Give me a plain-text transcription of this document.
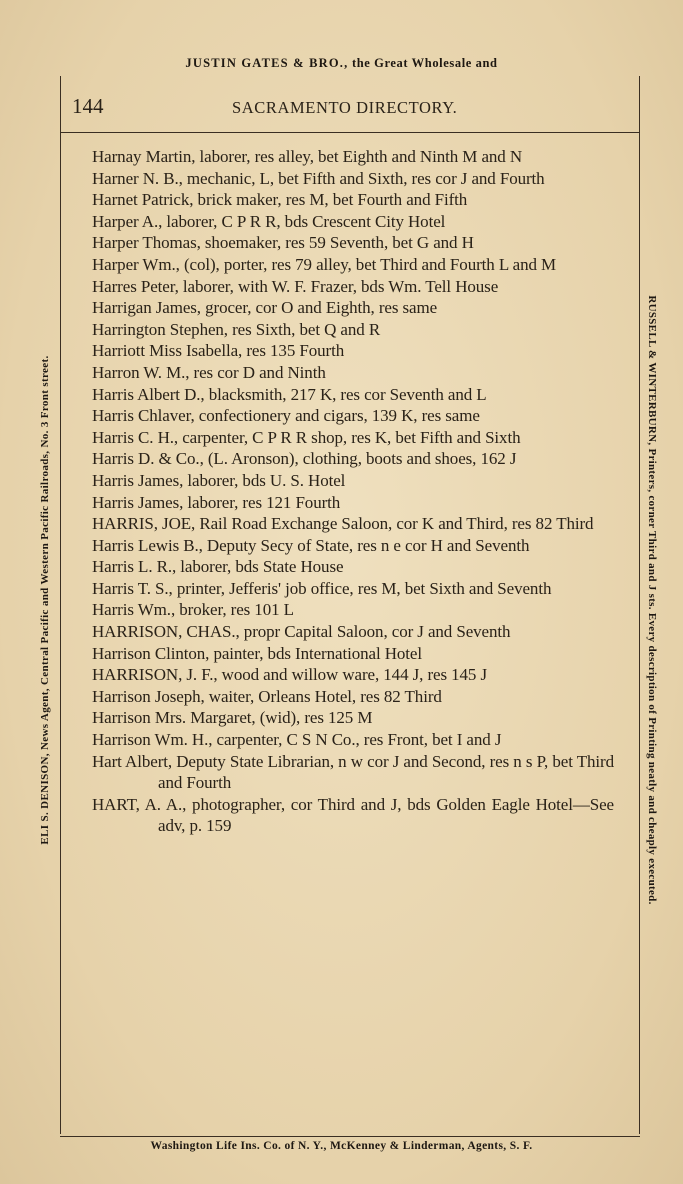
JUSTIN GATES & BRO., the Great Wholesale and
144	SACRAMENTO DIRECTORY.
ELI S. DENISON, News Agent, Central Pacific and Western Pacific Railroads, No. 3 Front street.	RUSSELL & WINTERBURN, Printers, corner Third and J sts. Every description of Printing neatly and cheaply executed.
Harnay Martin, laborer, res alley, bet Eighth and Ninth M and N
Harner N. B., mechanic, L, bet Fifth and Sixth, res cor J and Fourth
Harnet Patrick, brick maker, res M, bet Fourth and Fifth
Harper A., laborer, C P R R, bds Crescent City Hotel
Harper Thomas, shoemaker, res 59 Seventh, bet G and H
Harper Wm., (col), porter, res 79 alley, bet Third and Fourth L and M
Harres Peter, laborer, with W. F. Frazer, bds Wm. Tell House
Harrigan James, grocer, cor O and Eighth, res same
Harrington Stephen, res Sixth, bet Q and R
Harriott Miss Isabella, res 135 Fourth
Harron W. M., res cor D and Ninth
Harris Albert D., blacksmith, 217 K, res cor Seventh and L
Harris Chlaver, confectionery and cigars, 139 K, res same
Harris C. H., carpenter, C P R R shop, res K, bet Fifth and Sixth
Harris D. & Co., (L. Aronson), clothing, boots and shoes, 162 J
Harris James, laborer, bds U. S. Hotel
Harris James, laborer, res 121 Fourth
HARRIS, JOE, Rail Road Exchange Saloon, cor K and Third, res 82 Third
Harris Lewis B., Deputy Secy of State, res n e cor H and Seventh
Harris L. R., laborer, bds State House
Harris T. S., printer, Jefferis' job office, res M, bet Sixth and Seventh
Harris Wm., broker, res 101 L
HARRISON, CHAS., propr Capital Saloon, cor J and Seventh
Harrison Clinton, painter, bds International Hotel
HARRISON, J. F., wood and willow ware, 144 J, res 145 J
Harrison Joseph, waiter, Orleans Hotel, res 82 Third
Harrison Mrs. Margaret, (wid), res 125 M
Harrison Wm. H., carpenter, C S N Co., res Front, bet I and J
Hart Albert, Deputy State Librarian, n w cor J and Second, res n s P, bet Third and Fourth
HART, A. A., photographer, cor Third and J, bds Golden Eagle Hotel—See adv, p. 159
Washington Life Ins. Co. of N. Y., McKenney & Linderman, Agents, S. F.
